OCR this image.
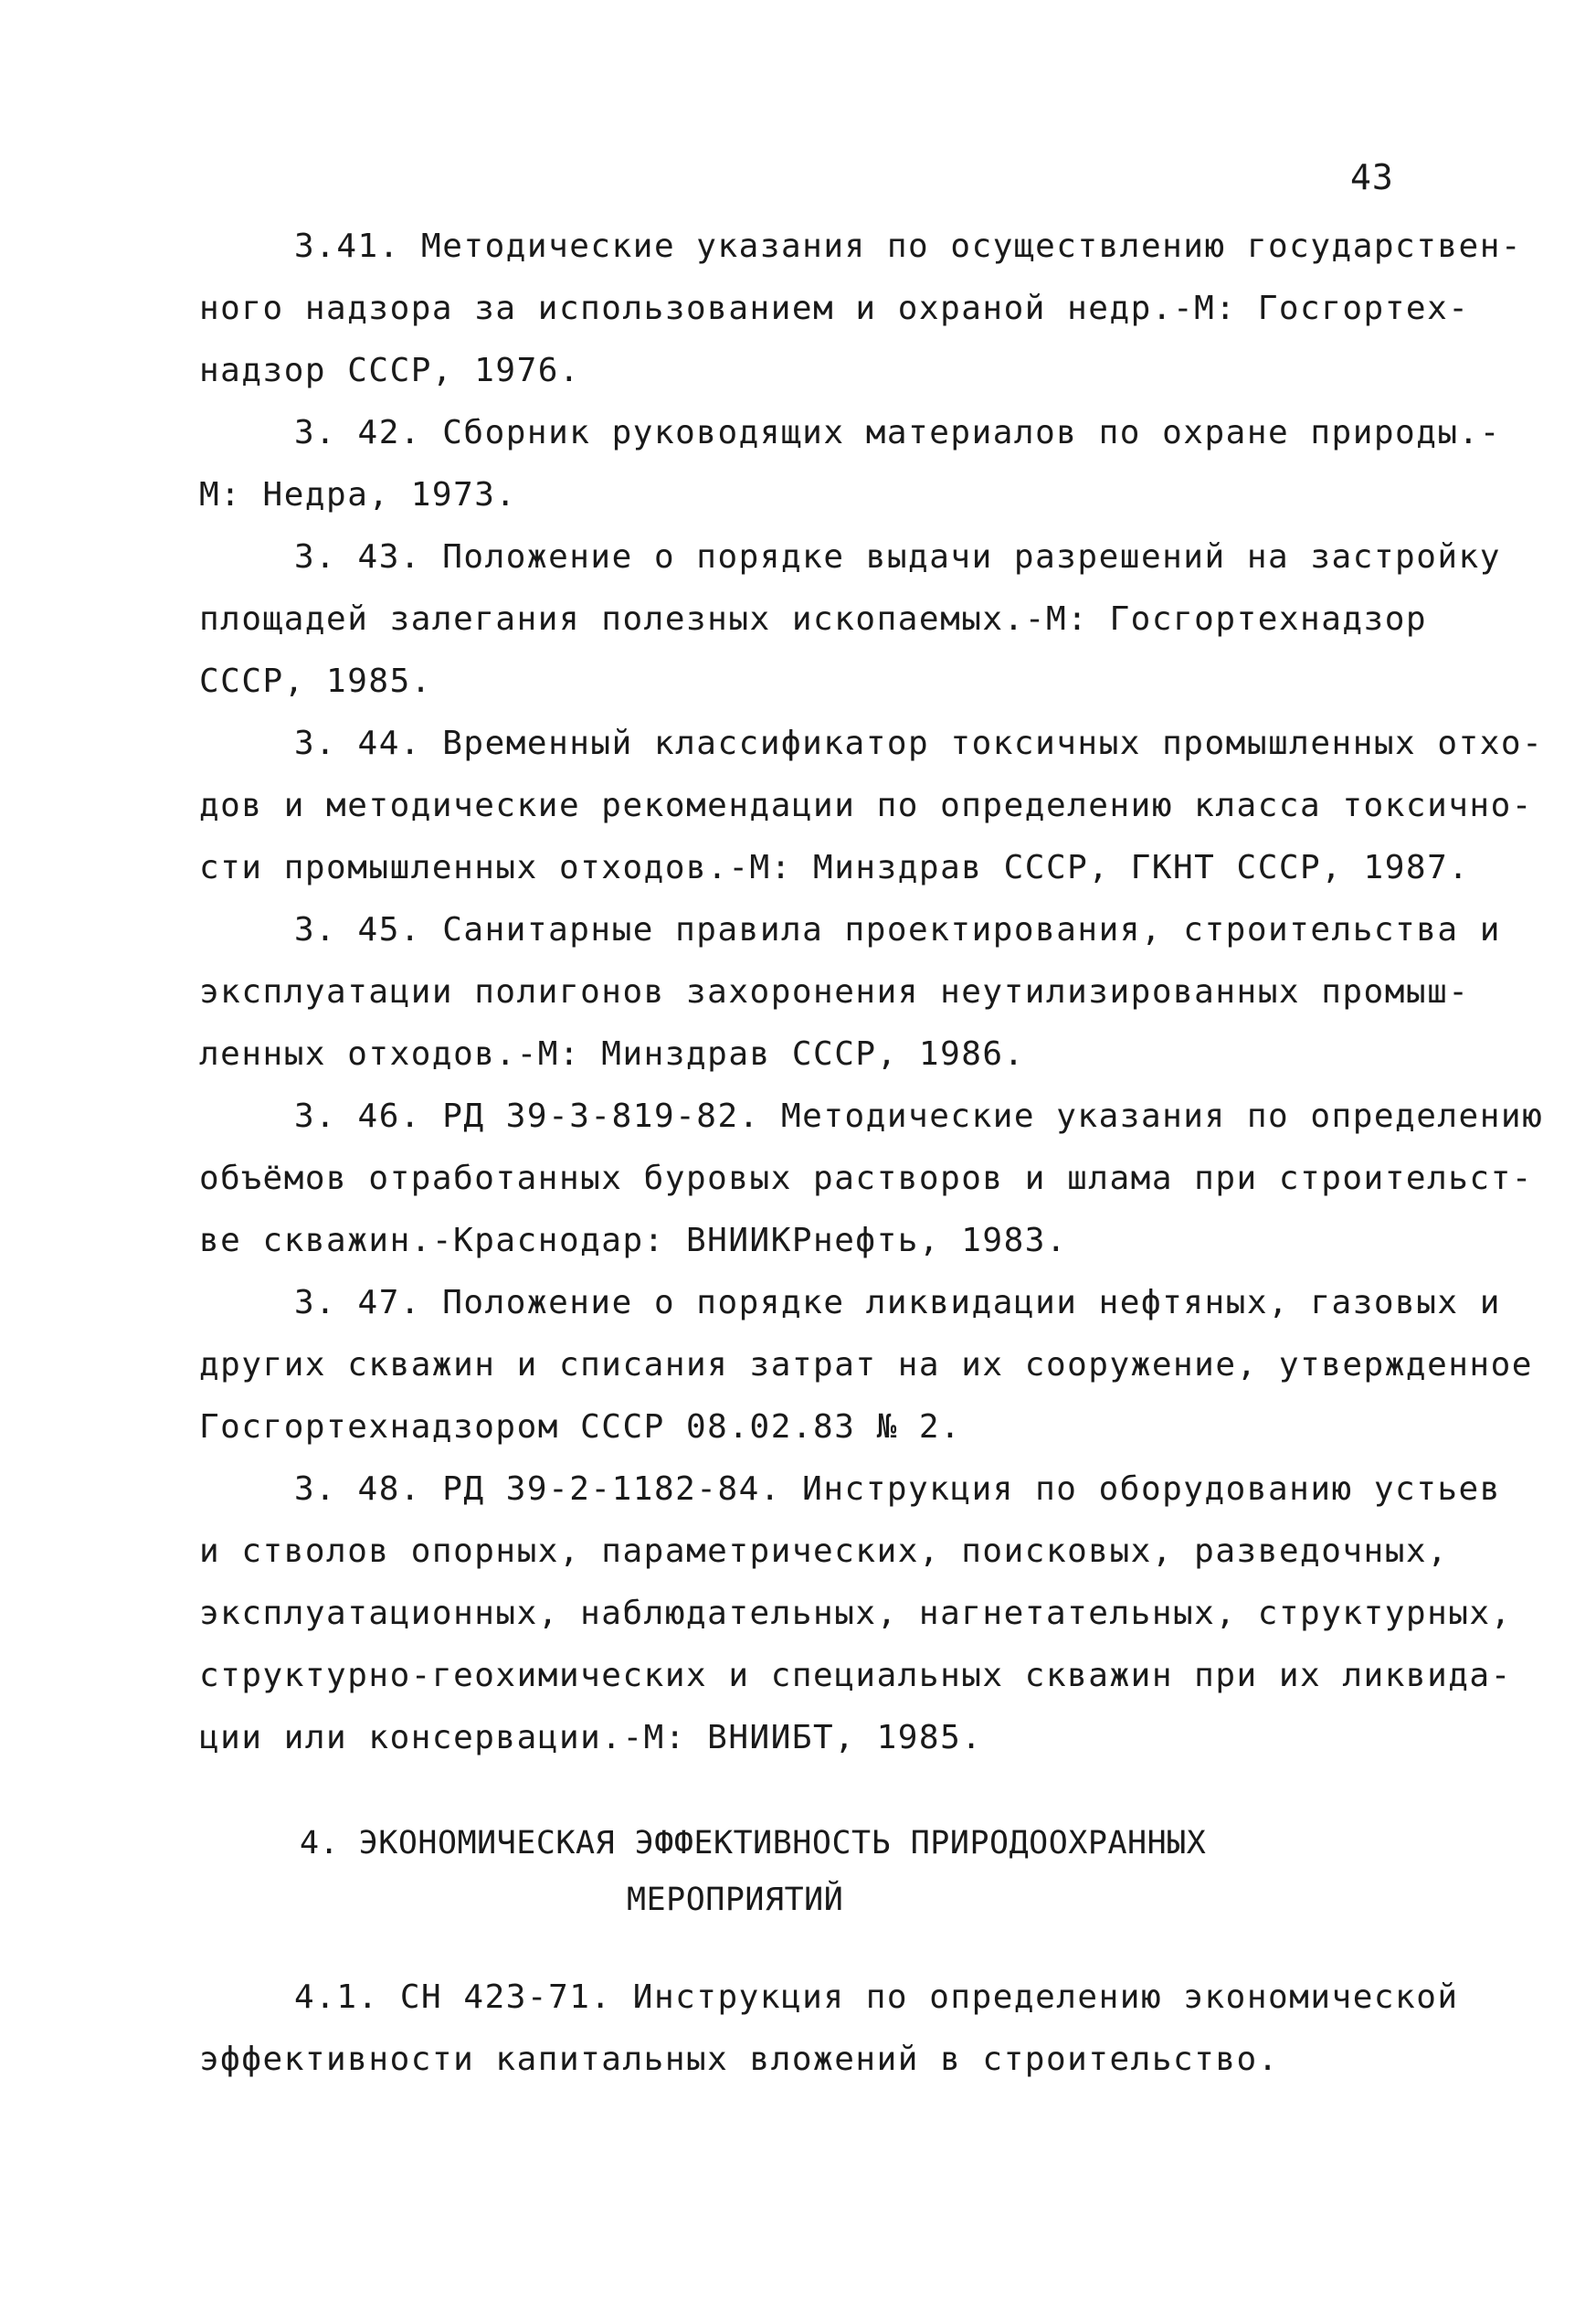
43
3.41. Методические указания по осуществлению государствен-
ного надзора за использованием и охраной недр.-М: Госгортех-
надзор СССР, 1976.
3. 42. Сборник руководящих материалов по охране природы.-
М: Недра, 1973.
3. 43. Положение о порядке выдачи разрешений на застройку
площадей залегания полезных ископаемых.-М: Госгортехнадзор
СССР, 1985.
3. 44. Временный классификатор токсичных промышленных отхо-
дов и методические рекомендации по определению класса токсично-
сти промышленных отходов.-М: Минздрав СССР, ГКНТ СССР, 1987.
3. 45. Санитарные правила проектирования, строительства и
эксплуатации полигонов захоронения неутилизированных промыш-
ленных отходов.-М: Минздрав СССР, 1986.
3. 46. РД 39-3-819-82. Методические указания по определению
объёмов отработанных буровых растворов и шлама при строительст-
ве скважин.-Краснодар: ВНИИКРнефть, 1983.
3. 47. Положение о порядке ликвидации нефтяных, газовых и
других скважин и списания затрат на их сооружение, утвержденное
Госгортехнадзором СССР 08.02.83 № 2.
3. 48. РД 39-2-1182-84. Инструкция по оборудованию устьев
и стволов опорных, параметрических, поисковых, разведочных,
эксплуатационных, наблюдательных, нагнетательных, структурных,
структурно-геохимических и специальных скважин при их ликвида-
ции или консервации.-М: ВНИИБТ, 1985.
4. ЭКОНОМИЧЕСКАЯ ЭФФЕКТИВНОСТЬ ПРИРОДООХРАННЫХ
МЕРОПРИЯТИЙ
4.1. СН 423-71. Инструкция по определению экономической
эффективности капитальных вложений в строительство.
